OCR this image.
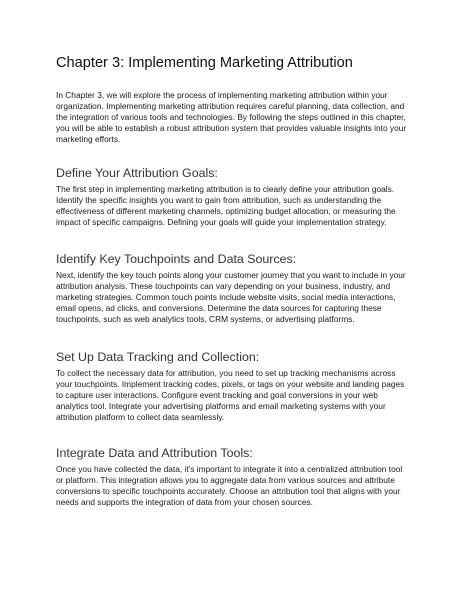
Chapter 3: Implementing Marketing Attribution

In Chapter 3, we will explore the process of implementing marketing attribution within your
organization. Implementing marketing attribution requires careful planning, data collection, and
the integration of various tools and technologies. By following the steps outlined in this chapter,
you will be able to establish a robust attribution system that provides valuable insights into your
marketing efforts.

Define Your Attribution Goals:

The first step in implementing marketing attribution is to clearly define your attribution goals.
Identify the specific insights you want to gain from attribution, such as understanding the
effectiveness of different marketing channels, optimizing budget allocation, or measuring the
impact of specific campaigns. Defining your goals will guide your implementation strategy.

Identify Key Touchpoints and Data Sources:

Next, identify the key touch points along your customer journey that you want to include in your
attribution analysis. These touchpoints can vary depending on your business, industry, and
marketing strategies. Common touch points include website visits, social media interactions,
email opens, ad clicks, and conversions. Determine the data sources for capturing these
touchpoints, such as web analytics tools, CRM systems, or advertising platforms.

Set Up Data Tracking and Collection:

To collect the necessary data for attribution, you need to set up tracking mechanisms across
your touchpoints. Implement tracking codes, pixels, or tags on your website and landing pages
to capture user interactions. Configure event tracking and goal conversions in your web
analytics tool. Integrate your advertising platforms and email marketing systems with your
attribution platform to collect data seamlessly.

Integrate Data and Attribution Tools:

Once you have collected the data, it's important to integrate it into a centralized attribution tool
or platform. This integration allows you to aggregate data from various sources and attribute
conversions to specific touchpoints accurately. Choose an attribution tool that aligns with your
needs and supports the integration of data from your chosen sources.
